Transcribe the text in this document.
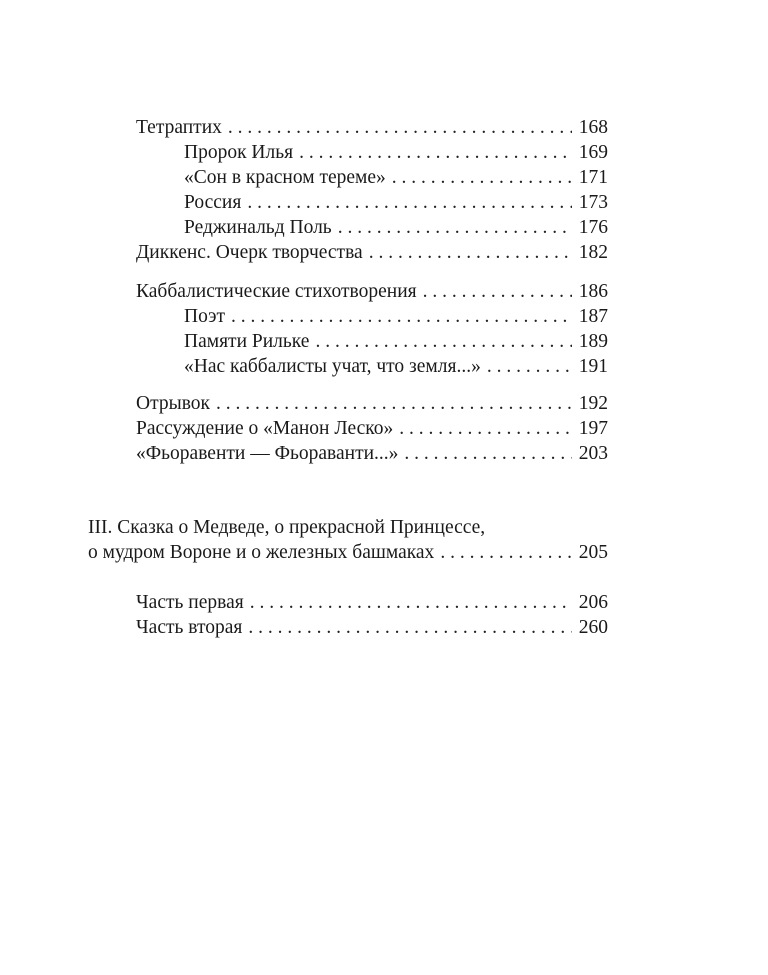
Тетраптих . . .	168
Пророк Илья . . .	169
«Сон в красном тереме» . . .	171
Россия . . .	173
Реджинальд Поль . . .	176
Диккенс. Очерк творчества . . .	182
Каббалистические стихотворения . . .	186
Поэт . . .	187
Памяти Рильке . . .	189
«Нас каббалисты учат, что земля...» . . .	191
Отрывок . . .	192
Рассуждение о «Манон Леско» . . .	197
«Фьоравенти — Фьораванти...» . . .	203
III. Сказка о Медведе, о прекрасной Принцессе,
о мудром Вороне и о железных башмаках . . .	205
Часть первая . . .	206
Часть вторая . . .	260
